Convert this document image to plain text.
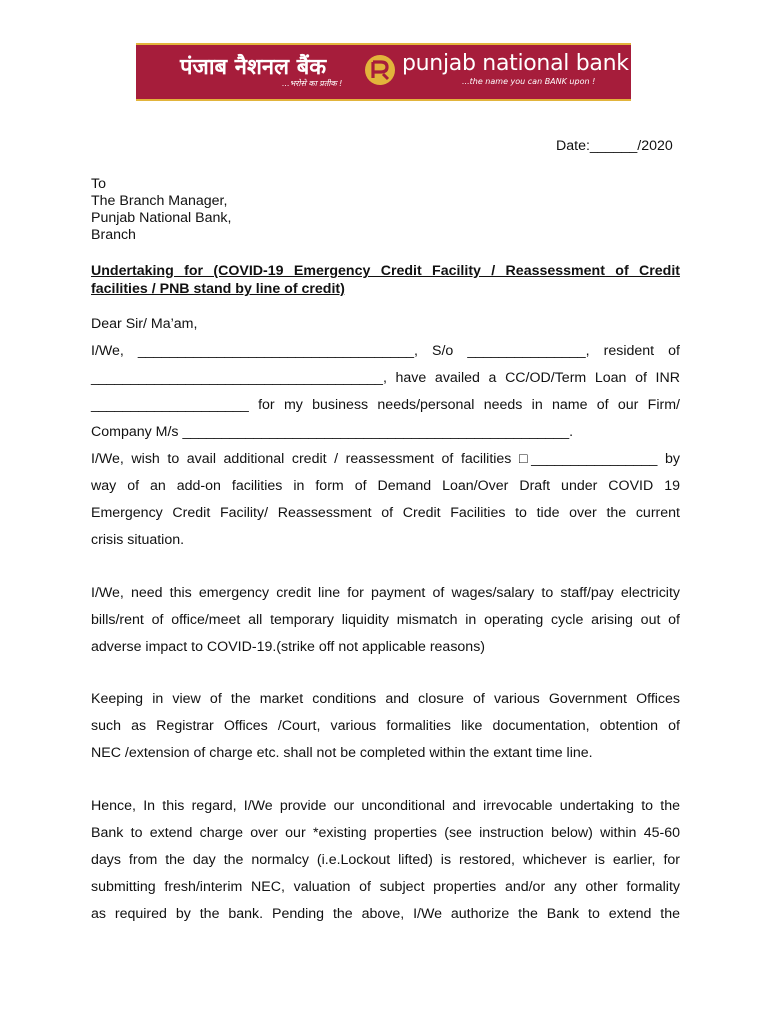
पंजाब नैशनल बैंक
...भरोसे का प्रतीक !
punjab national bank
...the name you can BANK upon !
Date:______/2020
To
The Branch Manager,
Punjab National Bank,
Branch
Undertaking for (COVID-19 Emergency Credit Facility / Reassessment of Credit
facilities / PNB stand by line of credit)
Dear Sir/ Ma’am,
I/We, ___________________________________, S/o _______________, resident of
_____________________________________, have availed a CC/OD/Term Loan of INR
____________________ for my business needs/personal needs in name of our Firm/
Company M/s _________________________________________________.
I/We, wish to avail additional credit / reassessment of facilities □________________ by
way of an add-on facilities in form of Demand Loan/Over Draft under COVID 19
Emergency Credit Facility/ Reassessment of Credit Facilities to tide over the current
crisis situation.
I/We, need this emergency credit line for payment of wages/salary to staff/pay electricity
bills/rent of office/meet all temporary liquidity mismatch in operating cycle arising out of
adverse impact to COVID-19.(strike off not applicable reasons)
Keeping in view of the market conditions and closure of various Government Offices
such as Registrar Offices /Court, various formalities like documentation, obtention of
NEC /extension of charge etc. shall not be completed within the extant time line.
Hence, In this regard, I/We provide our unconditional and irrevocable undertaking to the
Bank to extend charge over our *existing properties (see instruction below) within 45-60
days from the day the normalcy (i.e.Lockout lifted) is restored, whichever is earlier, for
submitting fresh/interim NEC, valuation of subject properties and/or any other formality
as required by the bank. Pending the above, I/We authorize the Bank to extend the
